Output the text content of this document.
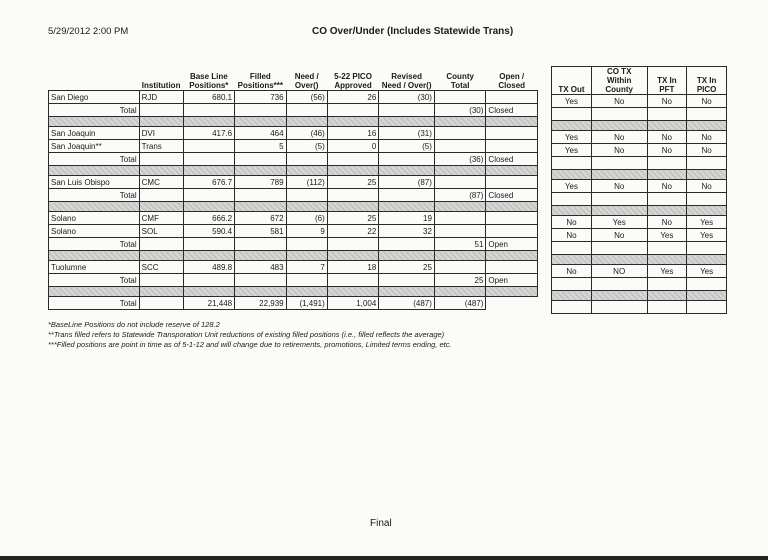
5/29/2012 2:00 PM	CO Over/Under (Includes Statewide Trans)
	Institution	Base Line Positions*	Filled Positions***	Need / Over()	5-22 PICO Approved	Revised Need / Over()	County Total	Open / Closed
San Diego	RJD	680.1	736	(56)	26	(30)		
Total							(30)	Closed

San Joaquin	DVI	417.6	464	(46)	16	(31)		
San Joaquin**	Trans		5	(5)	0	(5)		
Total							(36)	Closed

San Luis Obispo	CMC	676.7	789	(112)	25	(87)		
Total							(87)	Closed

Solano	CMF	666.2	672	(6)	25	19		
Solano	SOL	590.4	581	9	22	32		
Total							51	Open

Tuolumne	SCC	489.8	483	7	18	25		
Total							25	Open

Total		21,448	22,939	(1,491)	1,004	(487)	(487)	
TX Out	CO TX Within County	TX In PFT	TX In PICO
Yes	No	No	No

Yes	No	No	No
Yes	No	No	No

Yes	No	No	No

No	Yes	No	Yes
No	No	Yes	Yes

No	NO	Yes	Yes

*BaseLine Positions do not include reserve of 128.2
**Trans filled refers to Statewide Transporation Unit reductions of existing filled positions (i.e., filled reflects the average)
***Filled positions are point in time as of 5-1-12 and will change due to retirements, promotions, Limited terms ending, etc.
Final
